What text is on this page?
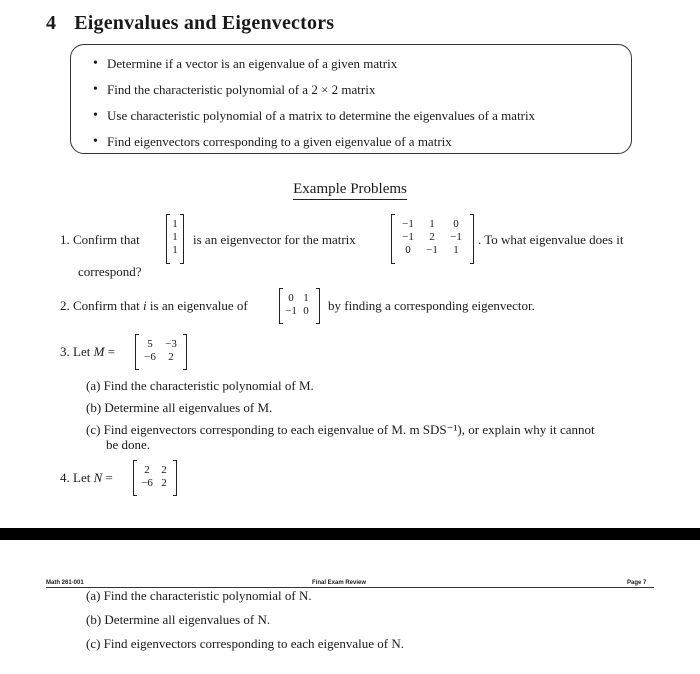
4 Eigenvalues and Eigenvectors
• Determine if a vector is an eigenvalue of a given matrix
• Find the characteristic polynomial of a 2 × 2 matrix
• Use characteristic polynomial of a matrix to determine the eigenvalues of a matrix
• Find eigenvectors corresponding to a given eigenvalue of a matrix
Example Problems
1. Confirm that
1
1
1
is an eigenvector for the matrix
−1	1	0
−1	2	−1
0	−1	1
. To what eigenvalue does it
correspond?
2. Confirm that i is an eigenvalue of	0 1
−1 0	by finding a corresponding eigenvector.
3. Let M =	5	−3
−6	2
(a) Find the characteristic polynomial of M.
(b) Determine all eigenvalues of M.
(c) Find eigenvectors corresponding to each eigenvalue of M. m SDS⁻¹), or explain why it cannot
be done.
4. Let N =	2	2
−6 2
Math 261-001	Final Exam Review	Page 7
(a) Find the characteristic polynomial of N.
(b) Determine all eigenvalues of N.
(c) Find eigenvectors corresponding to each eigenvalue of N.
